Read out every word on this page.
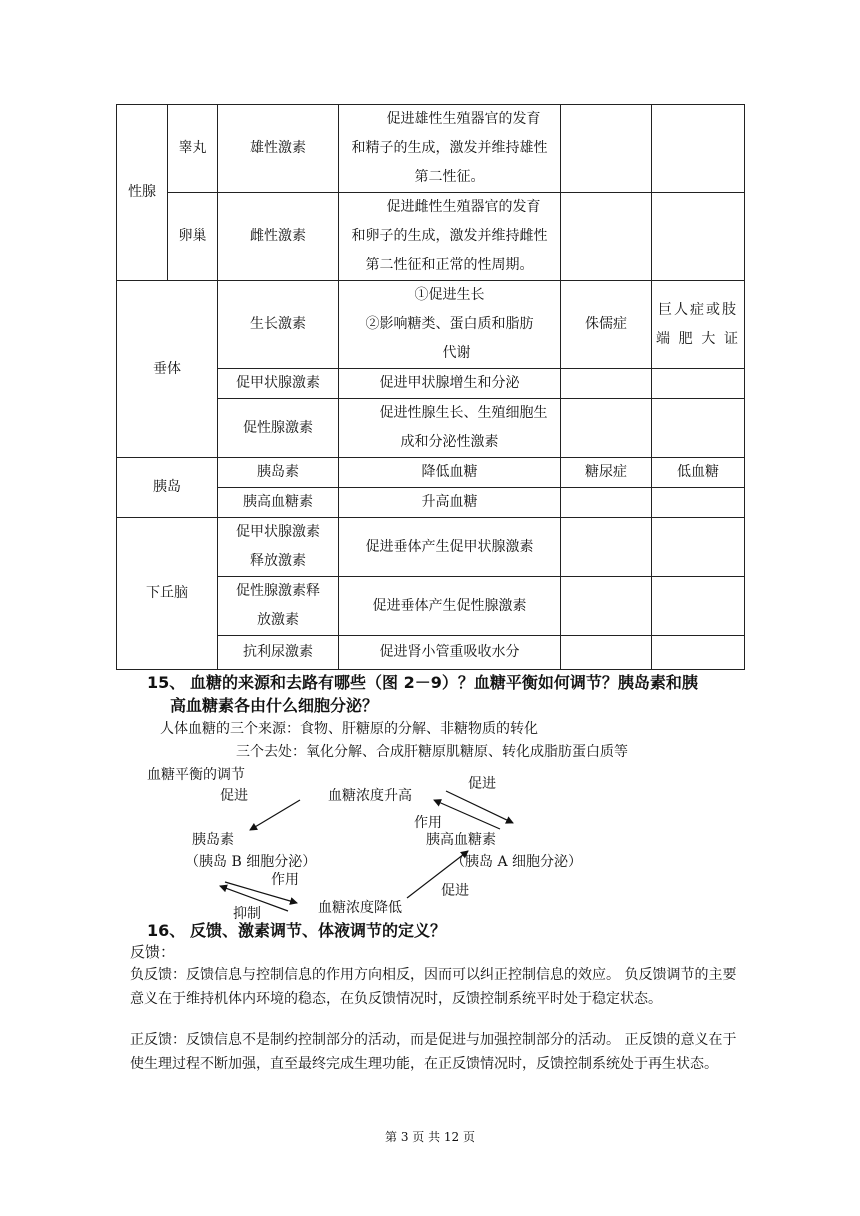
性腺	睾丸	雄性激素	促进雄性生殖器官的发育
和精子的生成，激发并维持雄性
第二性征。		

	卵巢	雌性激素	促进雌性生殖器官的发育
和卵子的生成，激发并维持雌性
第二性征和正常的性周期。		

垂体		生长激素	①促进生长
②影响糖类、蛋白质和脂肪
代谢	侏儒症	巨人症或肢端肥大证
		促甲状腺激素	促进甲状腺增生和分泌		
		促性腺激素	促进性腺生长、生殖细胞生
成和分泌性激素		

胰岛		胰岛素	降低血糖	糖尿症	低血糖
		胰高血糖素	升高血糖		
下丘脑		促甲状腺激素
释放激素	促进垂体产生促甲状腺激素		

		促性腺激素释
放激素	促进垂体产生促性腺激素		
		抗利尿激素	促进肾小管重吸收水分		
15、 血糖的来源和去路有哪些（图 2－9）？血糖平衡如何调节？胰岛素和胰
高血糖素各由什么细胞分泌？
人体血糖的三个来源：食物、肝糖原的分解、非糖物质的转化
三个去处：氧化分解、合成肝糖原肌糖原、转化成脂肪蛋白质等
血糖平衡的调节
促进	血糖浓度升高
促进
作用
胰岛素	胰高血糖素
（胰岛 B 细胞分泌）	（胰岛 A 细胞分泌）
作用
促进
血糖浓度降低
抑制
16、 反馈、激素调节、体液调节的定义？
反馈：
负反馈：反馈信息与控制信息的作用方向相反，因而可以纠正控制信息的效应。 负反馈调节的主要意义在于维持机体内环境的稳态，在负反馈情况时，反馈控制系统平时处于稳定状态。
正反馈：反馈信息不是制约控制部分的活动，而是促进与加强控制部分的活动。 正反馈的意义在于使生理过程不断加强，直至最终完成生理功能，在正反馈情况时，反馈控制系统处于再生状态。
第 3 页 共 12 页
